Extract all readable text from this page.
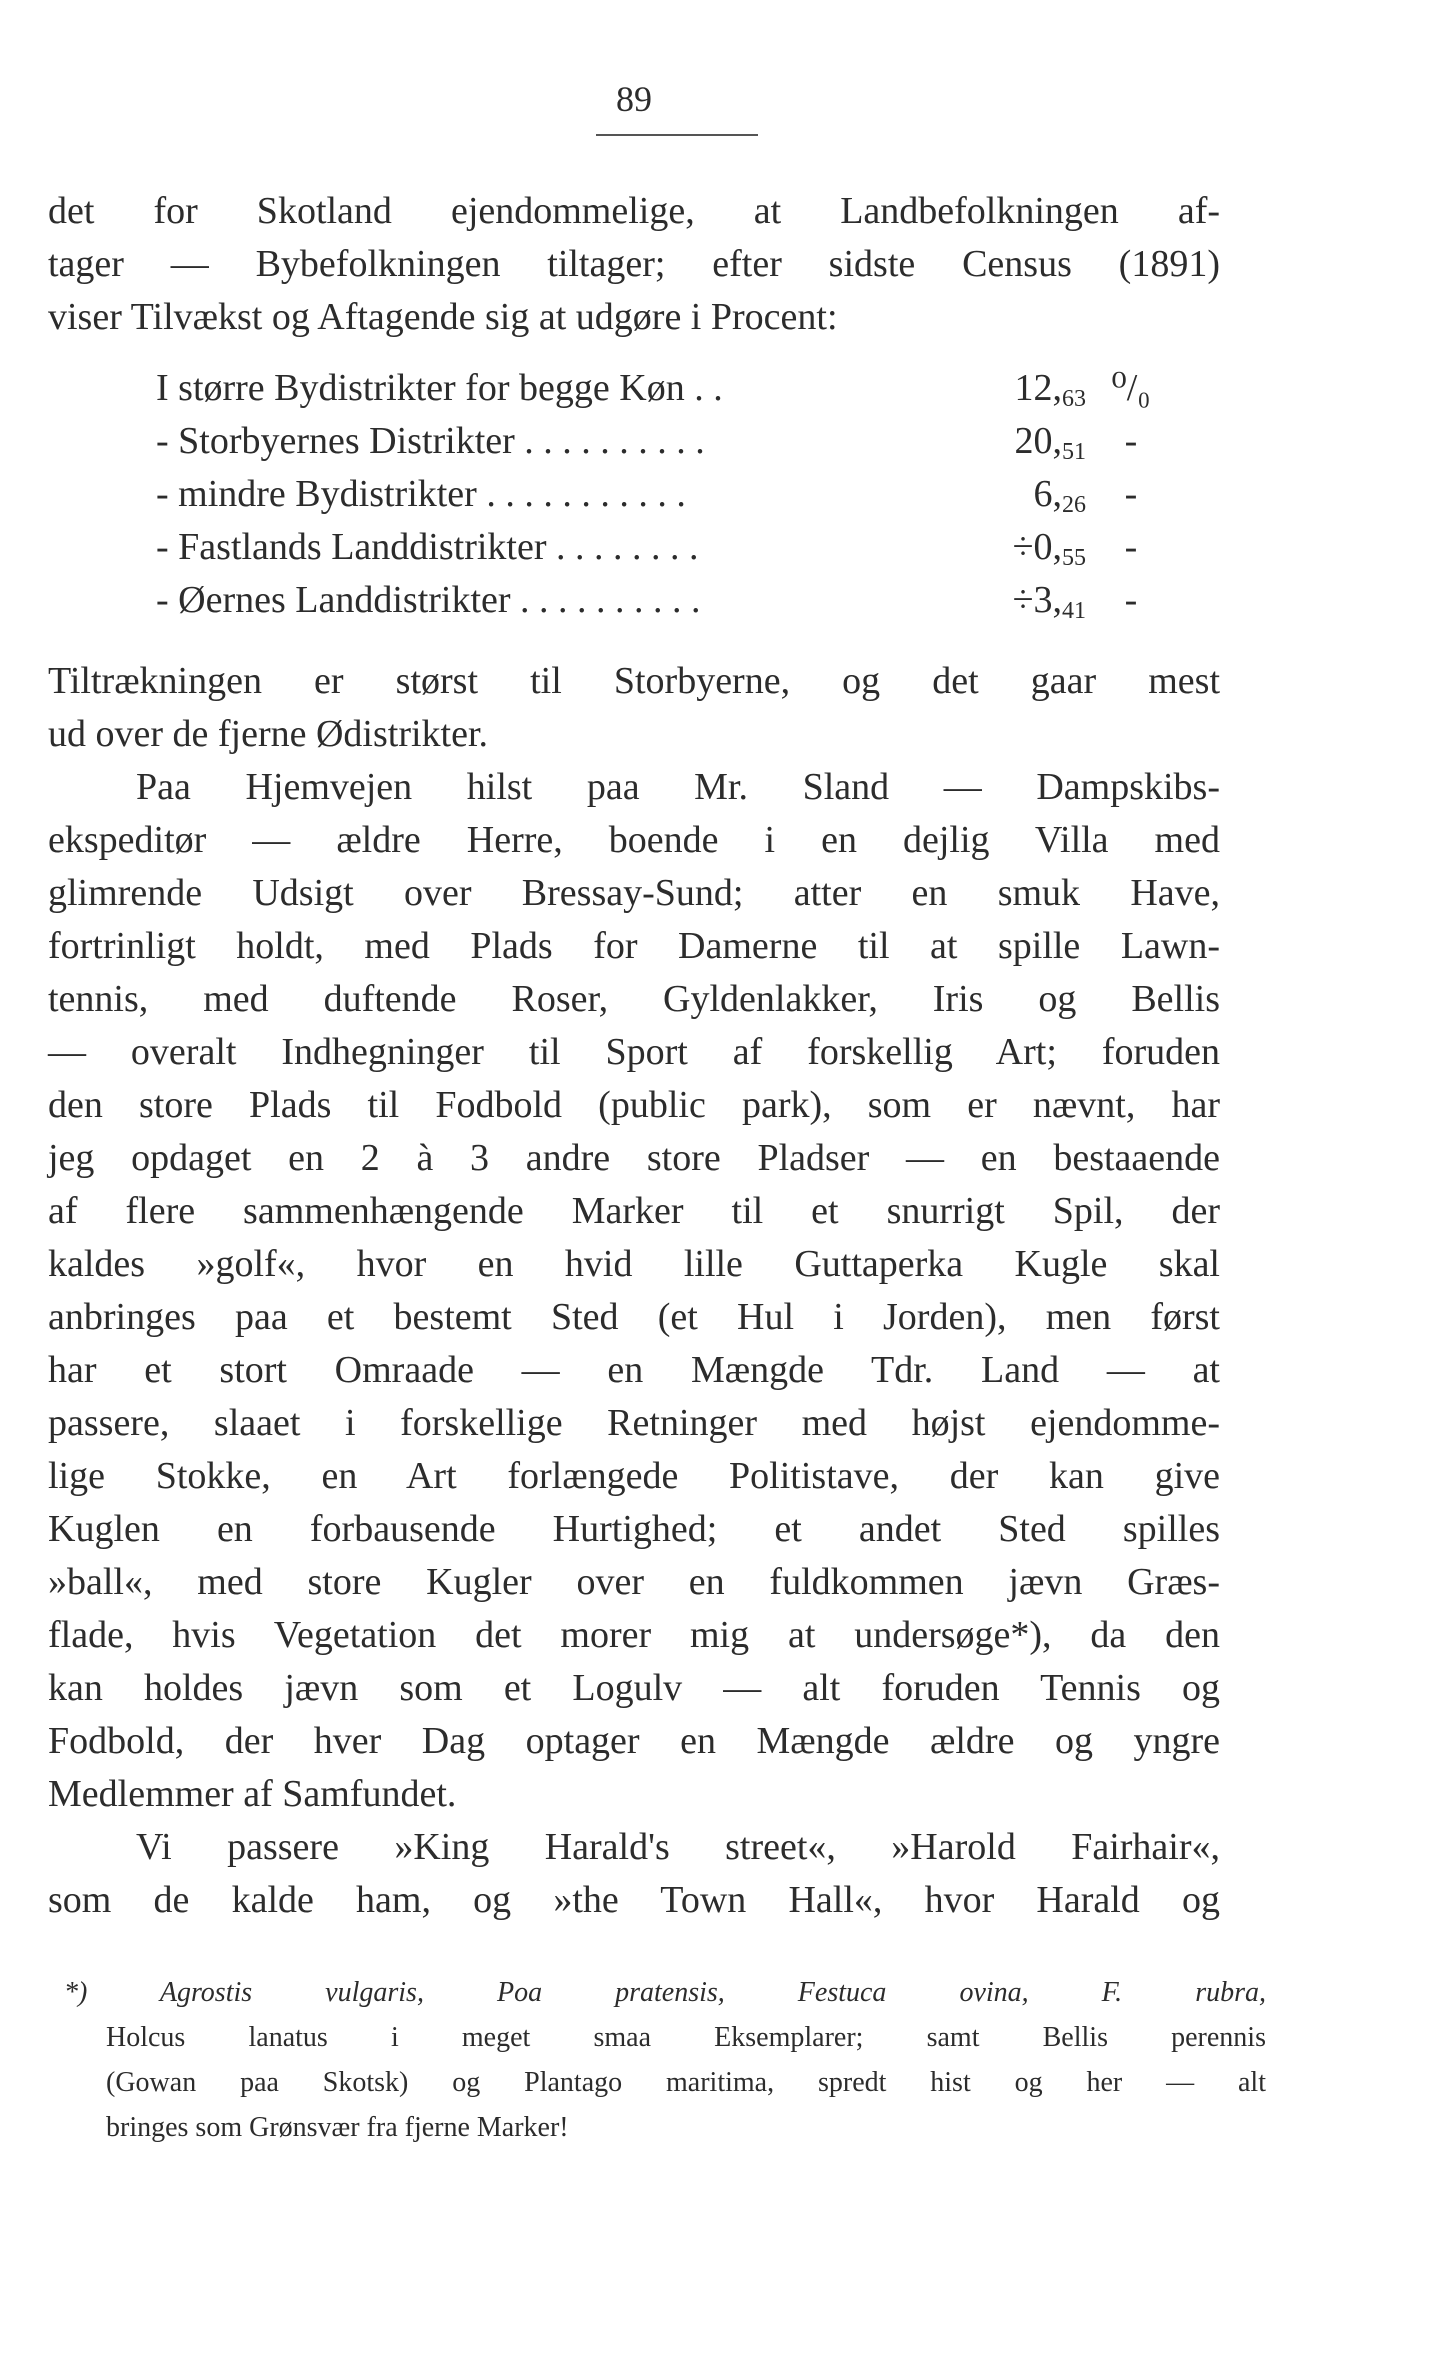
89
det for Skotland ejendommelige, at Landbefolkningen af-
tager — Bybefolkningen tiltager; efter sidste Census (1891)
viser Tilvækst og Aftagende sig at udgøre i Procent:
I større Bydistrikter for begge Køn . .	$12,_{63}$ ⁰/₀
- Storbyernes Distrikter . . . . . . . . . .	$20,_{51}$	-
- mindre Bydistrikter . . . . . . . . . . .	$6,_{26}$	-
- Fastlands Landdistrikter . . . . . . . .	$\div 0,_{55}$	-
- Øernes Landdistrikter . . . . . . . . . .	$\div 3,_{41}$	-
Tiltrækningen er størst til Storbyerne, og det gaar mest
ud over de fjerne Ødistrikter.
Paa Hjemvejen hilst paa Mr. Sland — Dampskibs-
ekspeditør — ældre Herre, boende i en dejlig Villa med
glimrende Udsigt over Bressay-Sund; atter en smuk Have,
fortrinligt holdt, med Plads for Damerne til at spille Lawn-
tennis, med duftende Roser, Gyldenlakker, Iris og Bellis
— overalt Indhegninger til Sport af forskellig Art; foruden
den store Plads til Fodbold (public park), som er nævnt, har
jeg opdaget en 2 à 3 andre store Pladser — en bestaaende
af flere sammenhængende Marker til et snurrigt Spil, der
kaldes »golf«, hvor en hvid lille Guttaperka Kugle skal
anbringes paa et bestemt Sted (et Hul i Jorden), men først
har et stort Omraade — en Mængde Tdr. Land — at
passere, slaaet i forskellige Retninger med højst ejendomme-
lige Stokke, en Art forlængede Politistave, der kan give
Kuglen en forbausende Hurtighed; et andet Sted spilles
»ball«, med store Kugler over en fuldkommen jævn Græs-
flade, hvis Vegetation det morer mig at undersøge*), da den
kan holdes jævn som et Logulv — alt foruden Tennis og
Fodbold, der hver Dag optager en Mængde ældre og yngre
Medlemmer af Samfundet.
Vi passere »King Harald's street«, »Harold Fairhair«,
som de kalde ham, og »the Town Hall«, hvor Harald og
*) Agrostis vulgaris, Poa pratensis, Festuca ovina, F. rubra,
Holcus lanatus i meget smaa Eksemplarer; samt Bellis perennis
(Gowan paa Skotsk) og Plantago maritima, spredt hist og her — alt
bringes som Grønsvær fra fjerne Marker!
